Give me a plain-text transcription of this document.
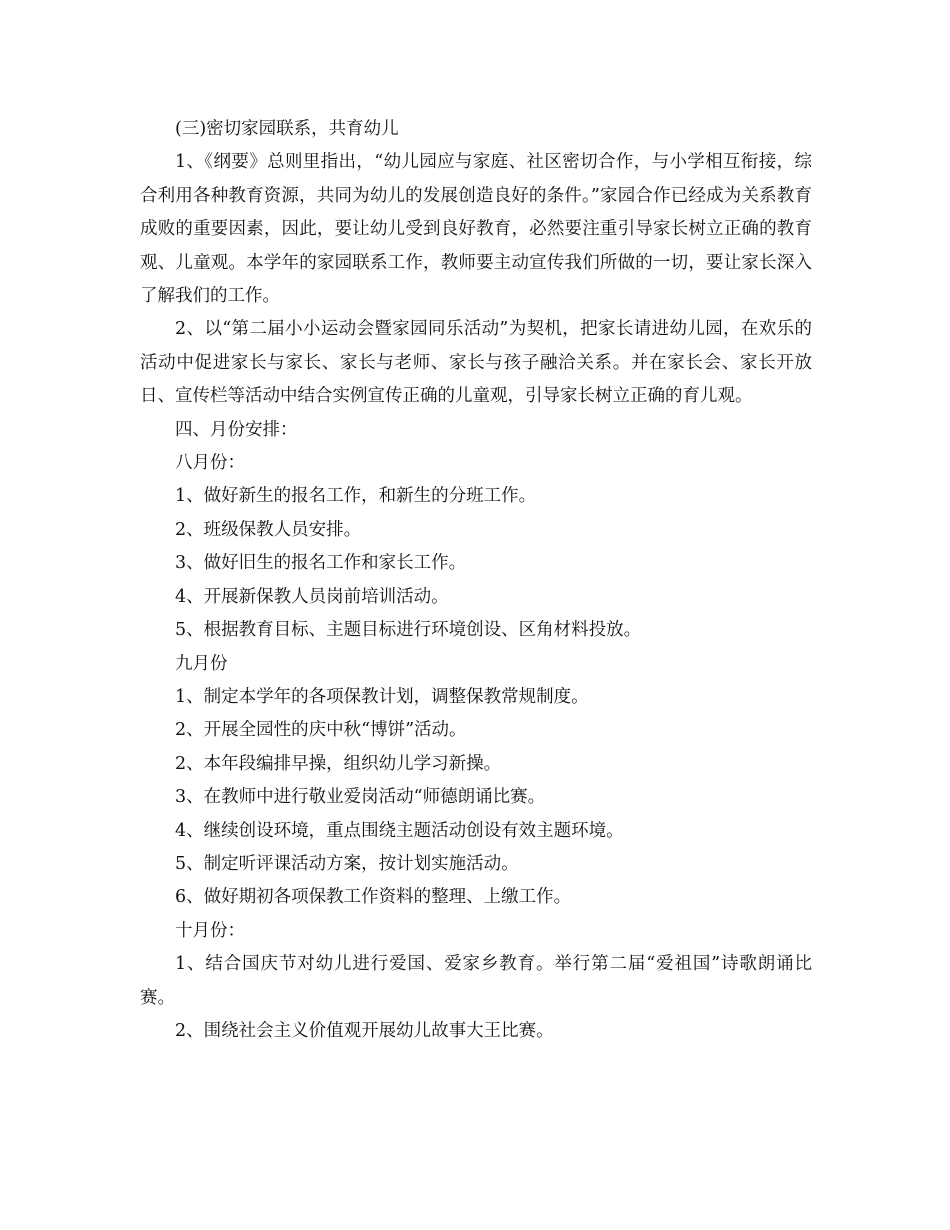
(三)密切家园联系，共育幼儿

1、《纲要》总则里指出，“幼儿园应与家庭、社区密切合作，与小学相互衔接，综合利用各种教育资源，共同为幼儿的发展创造良好的条件。”家园合作已经成为关系教育成败的重要因素，因此，要让幼儿受到良好教育，必然要注重引导家长树立正确的教育观、儿童观。本学年的家园联系工作，教师要主动宣传我们所做的一切，要让家长深入了解我们的工作。

2、以“第二届小小运动会暨家园同乐活动”为契机，把家长请进幼儿园，在欢乐的活动中促进家长与家长、家长与老师、家长与孩子融洽关系。并在家长会、家长开放日、宣传栏等活动中结合实例宣传正确的儿童观，引导家长树立正确的育儿观。

四、月份安排：

八月份：

1、做好新生的报名工作，和新生的分班工作。

2、班级保教人员安排。

3、做好旧生的报名工作和家长工作。

4、开展新保教人员岗前培训活动。

5、根据教育目标、主题目标进行环境创设、区角材料投放。

九月份

1、制定本学年的各项保教计划，调整保教常规制度。

2、开展全园性的庆中秋“博饼”活动。

2、本年段编排早操，组织幼儿学习新操。

3、在教师中进行敬业爱岗活动“师德朗诵比赛。

4、继续创设环境，重点围绕主题活动创设有效主题环境。

5、制定听评课活动方案，按计划实施活动。

6、做好期初各项保教工作资料的整理、上缴工作。

十月份：

1、结合国庆节对幼儿进行爱国、爱家乡教育。举行第二届“爱祖国”诗歌朗诵比赛。

2、围绕社会主义价值观开展幼儿故事大王比赛。
